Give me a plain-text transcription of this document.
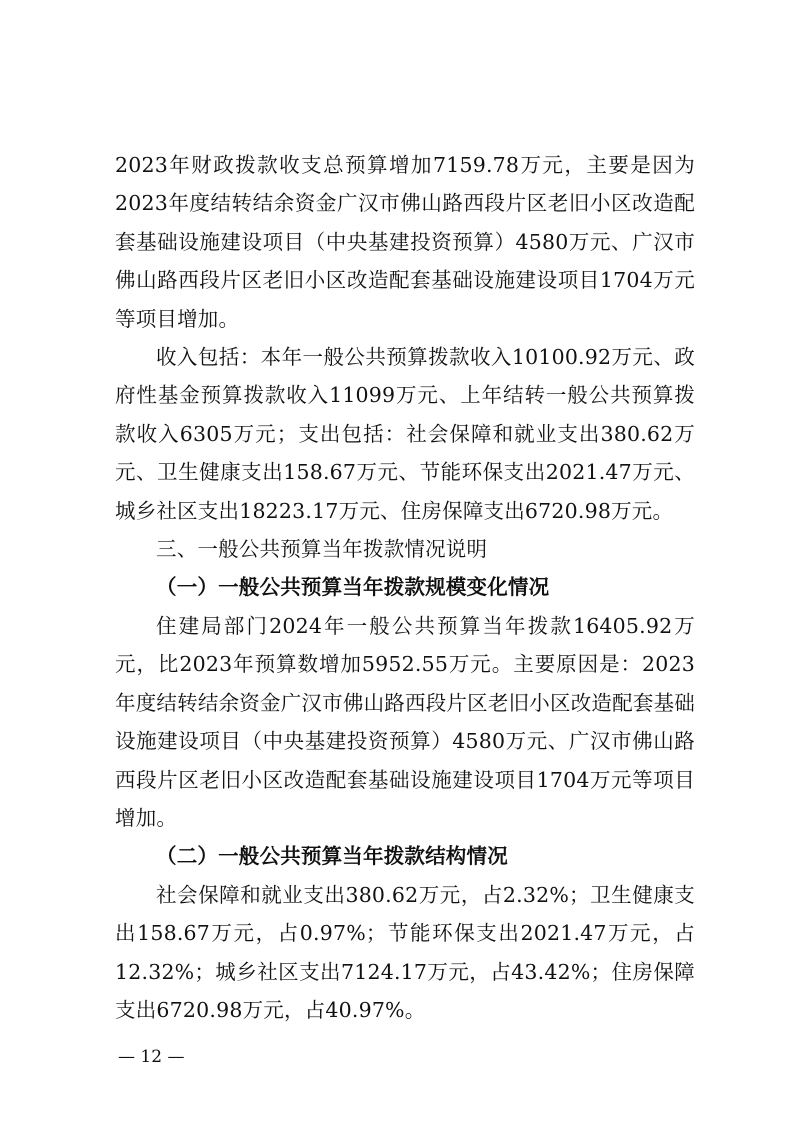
2023年财政拨款收支总预算增加7159.78万元，主要是因为2023年度结转结余资金广汉市佛山路西段片区老旧小区改造配套基础设施建设项目（中央基建投资预算）4580万元、广汉市佛山路西段片区老旧小区改造配套基础设施建设项目1704万元等项目增加。

收入包括：本年一般公共预算拨款收入10100.92万元、政府性基金预算拨款收入11099万元、上年结转一般公共预算拨款收入6305万元；支出包括：社会保障和就业支出380.62万元、卫生健康支出158.67万元、节能环保支出2021.47万元、城乡社区支出18223.17万元、住房保障支出6720.98万元。

三、一般公共预算当年拨款情况说明

（一）一般公共预算当年拨款规模变化情况

住建局部门2024年一般公共预算当年拨款16405.92万元，比2023年预算数增加5952.55万元。主要原因是：2023年度结转结余资金广汉市佛山路西段片区老旧小区改造配套基础设施建设项目（中央基建投资预算）4580万元、广汉市佛山路西段片区老旧小区改造配套基础设施建设项目1704万元等项目增加。

（二）一般公共预算当年拨款结构情况

社会保障和就业支出380.62万元，占2.32%；卫生健康支出158.67万元，占0.97%；节能环保支出2021.47万元，占12.32%；城乡社区支出7124.17万元，占43.42%；住房保障支出6720.98万元，占40.97%。

— 12 —
